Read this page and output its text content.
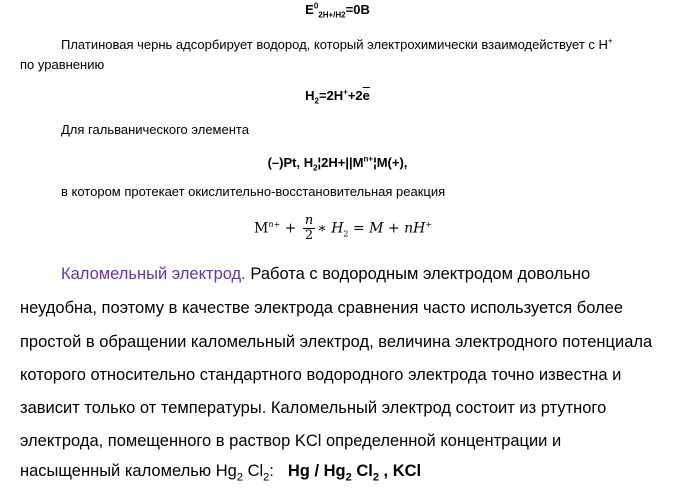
$E^0_{2H+/H2}=0В$
Платиновая чернь адсорбирует водород, который электрохимически взаимодействует с Н+
по уравнению
$H_2=2H^++2\overline{e}$
Для гальванического элемента
(–)Pt, $H_2¦2H+||M^{n+}¦M(+)$,
в котором протекает окислительно-восстановительная реакция
$M^{n+} + \frac{n}{2}$ ∗ $H_2 = M + nH^+$
Каломельный электрод. Работа с водородным электродом довольно
неудобна, поэтому в качестве электрода сравнения часто используется более
простой в обращении каломельный электрод, величина электродного потенциала
которого относительно стандартного водородного электрода точно известна и
зависит только от температуры. Каломельный электрод состоит из ртутного
электрода, помещенного в раствор KCl определенной концентрации и
насыщенный каломелью $Hg_2$ $Cl_2$: Hg / $Hg_2$ $Cl_2$ , KCl
